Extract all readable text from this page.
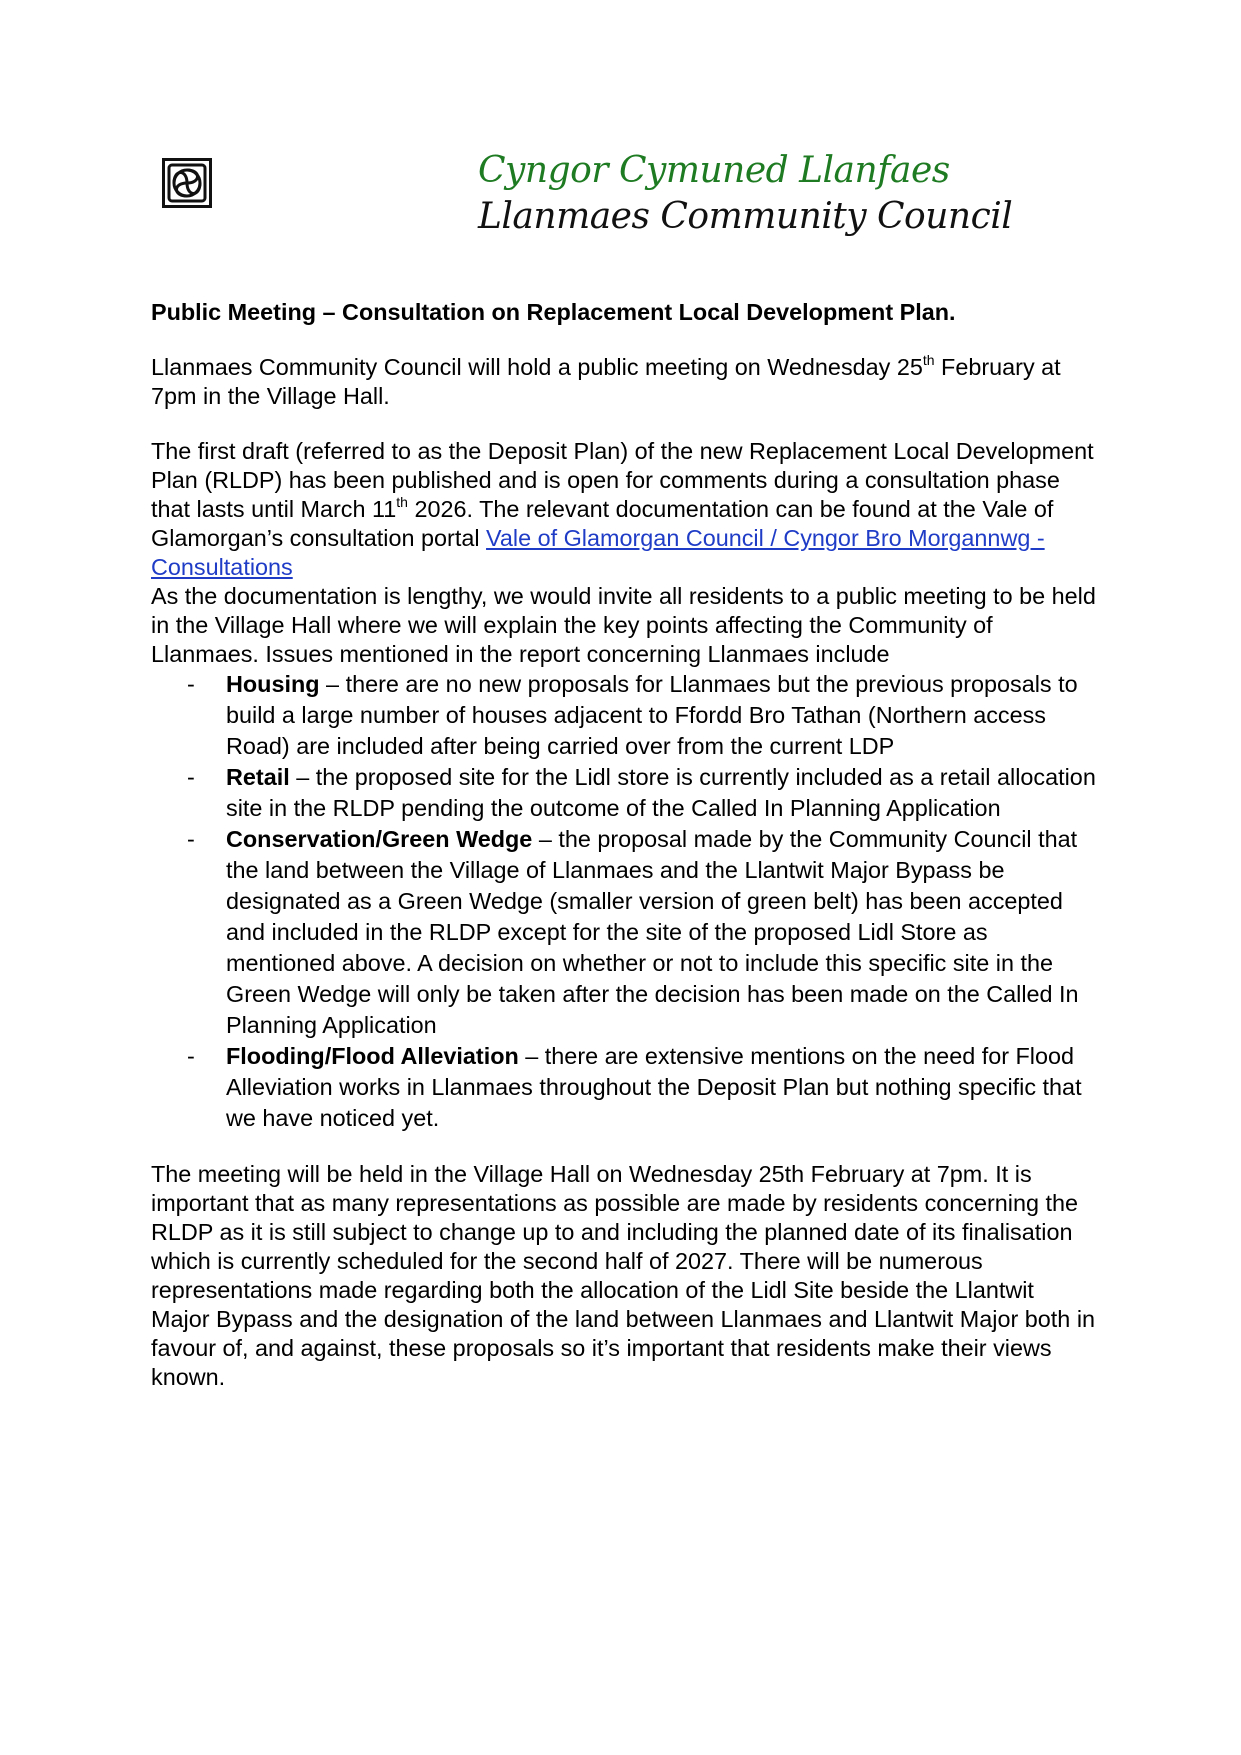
Cyngor Cymuned Llanfaes
Llanmaes Community Council

Public Meeting – Consultation on Replacement Local Development Plan.

Llanmaes Community Council will hold a public meeting on Wednesday 25th February at 7pm in the Village Hall.

The first draft (referred to as the Deposit Plan) of the new Replacement Local Development Plan (RLDP) has been published and is open for comments during a consultation phase that lasts until March 11th 2026. The relevant documentation can be found at the Vale of Glamorgan’s consultation portal Vale of Glamorgan Council / Cyngor Bro Morgannwg - Consultations

As the documentation is lengthy, we would invite all residents to a public meeting to be held in the Village Hall where we will explain the key points affecting the Community of Llanmaes. Issues mentioned in the report concerning Llanmaes include

- Housing – there are no new proposals for Llanmaes but the previous proposals to build a large number of houses adjacent to Ffordd Bro Tathan (Northern access Road) are included after being carried over from the current LDP
- Retail – the proposed site for the Lidl store is currently included as a retail allocation site in the RLDP pending the outcome of the Called In Planning Application
- Conservation/Green Wedge – the proposal made by the Community Council that the land between the Village of Llanmaes and the Llantwit Major Bypass be designated as a Green Wedge (smaller version of green belt) has been accepted and included in the RLDP except for the site of the proposed Lidl Store as mentioned above. A decision on whether or not to include this specific site in the Green Wedge will only be taken after the decision has been made on the Called In Planning Application
- Flooding/Flood Alleviation – there are extensive mentions on the need for Flood Alleviation works in Llanmaes throughout the Deposit Plan but nothing specific that we have noticed yet.

The meeting will be held in the Village Hall on Wednesday 25th February at 7pm. It is important that as many representations as possible are made by residents concerning the RLDP as it is still subject to change up to and including the planned date of its finalisation which is currently scheduled for the second half of 2027. There will be numerous representations made regarding both the allocation of the Lidl Site beside the Llantwit Major Bypass and the designation of the land between Llanmaes and Llantwit Major both in favour of, and against, these proposals so it’s important that residents make their views known.
